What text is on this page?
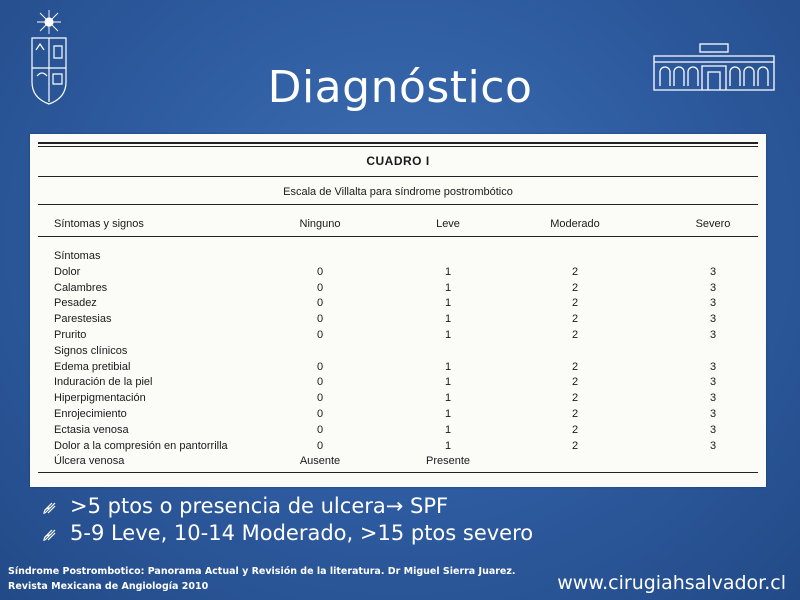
Diagnóstico
CUADRO I
Escala de Villalta para síndrome postrombótico
Síntomas y signos	Ninguno	Leve	Moderado	Severo
Síntomas
Dolor	0	1	2	3
Calambres	0	1	2	3
Pesadez	0	1	2	3
Parestesias	0	1	2	3
Prurito	0	1	2	3
Signos clínicos
Edema pretibial	0	1	2	3
Induración de la piel	0	1	2	3
Hiperpigmentación	0	1	2	3
Enrojecimiento	0	1	2	3
Ectasia venosa	0	1	2	3
Dolor a la compresión en pantorrilla	0	1	2	3
Úlcera venosa	Ausente	Presente
>5 ptos o presencia de ulcera→ SPF
5-9 Leve, 10-14 Moderado, >15 ptos severo
Síndrome Postrombotico: Panorama Actual y Revisión de la literatura. Dr Miguel Sierra Juarez.
Revista Mexicana de Angiología 2010	www.cirugiahsalvador.cl
